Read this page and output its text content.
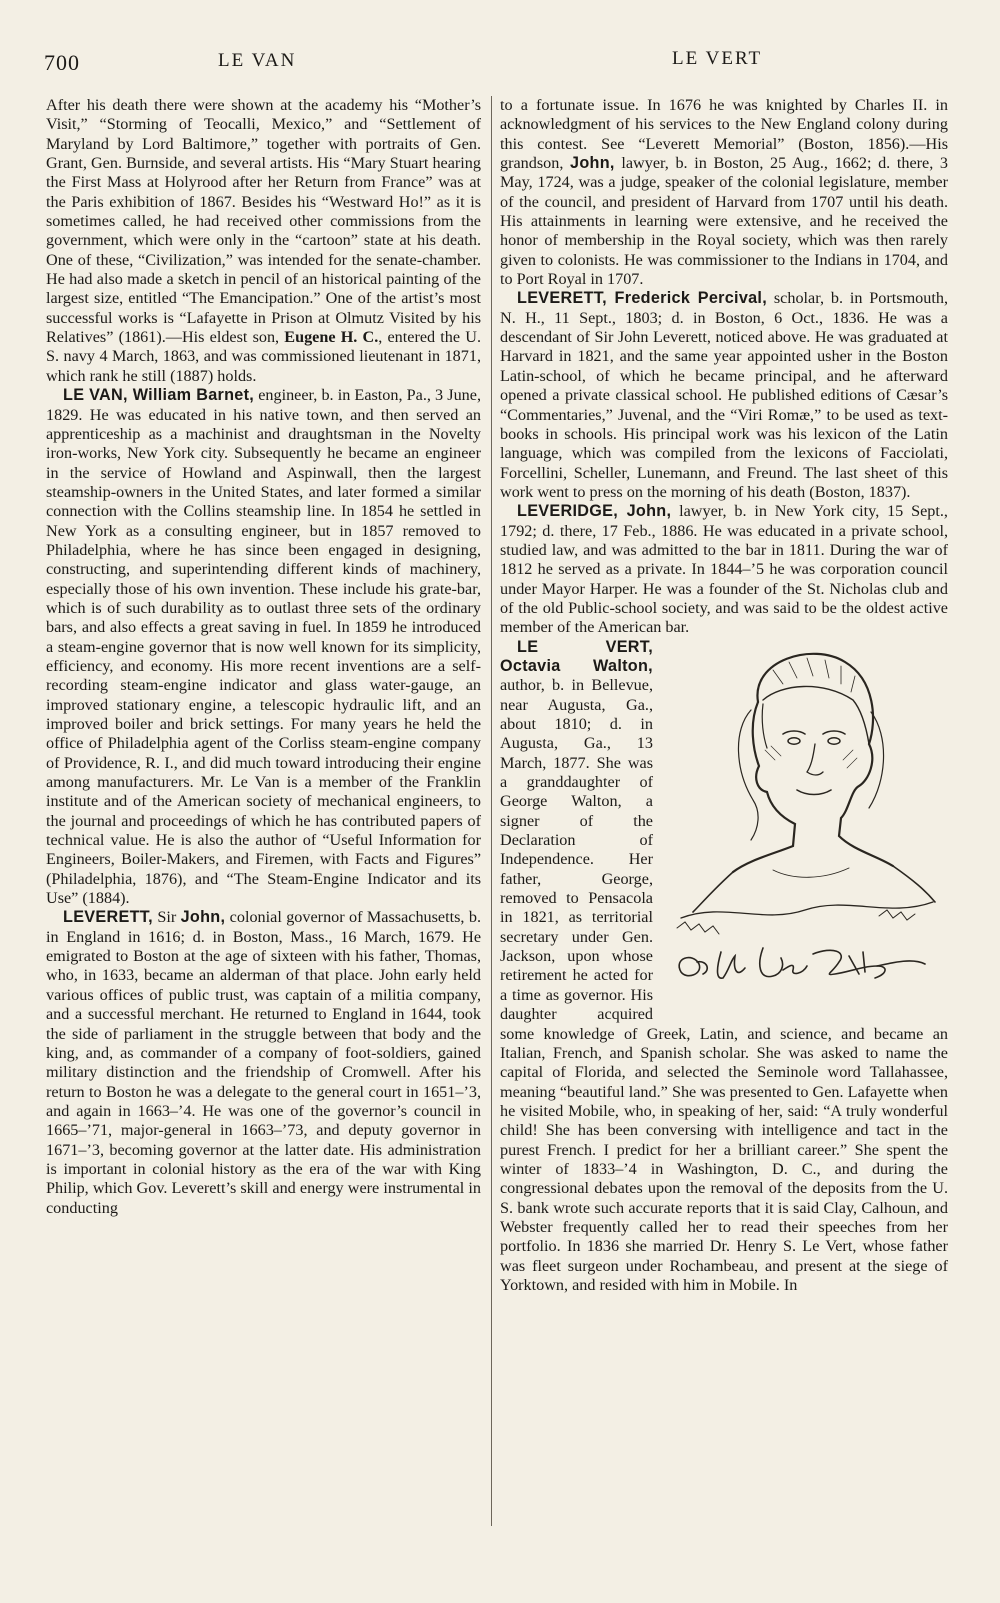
700	LE VAN	LE VERT

After his death there were shown at the academy his “Mother’s Visit,” “Storming of Teocalli, Mexico,” and “Settlement of Maryland by Lord Baltimore,” together with portraits of Gen. Grant, Gen. Burnside, and several artists. His “Mary Stuart hearing the First Mass at Holyrood after her Return from France” was at the Paris exhibition of 1867. Besides his “Westward Ho!” as it is sometimes called, he had received other commissions from the government, which were only in the “cartoon” state at his death. One of these, “Civilization,” was intended for the senate-chamber. He had also made a sketch in pencil of an historical painting of the largest size, entitled “The Emancipation.” One of the artist’s most successful works is “Lafayette in Prison at Olmutz Visited by his Relatives” (1861).—His eldest son, Eugene H. C., entered the U. S. navy 4 March, 1863, and was commissioned lieutenant in 1871, which rank he still (1887) holds.

LE VAN, William Barnet, engineer, b. in Easton, Pa., 3 June, 1829. He was educated in his native town, and then served an apprenticeship as a machinist and draughtsman in the Novelty iron-works, New York city. Subsequently he became an engineer in the service of Howland and Aspinwall, then the largest steamship-owners in the United States, and later formed a similar connection with the Collins steamship line. In 1854 he settled in New York as a consulting engineer, but in 1857 removed to Philadelphia, where he has since been engaged in designing, constructing, and superintending different kinds of machinery, especially those of his own invention. These include his grate-bar, which is of such durability as to outlast three sets of the ordinary bars, and also effects a great saving in fuel. In 1859 he introduced a steam-engine governor that is now well known for its simplicity, efficiency, and economy. His more recent inventions are a self-recording steam-engine indicator and glass water-gauge, an improved stationary engine, a telescopic hydraulic lift, and an improved boiler and brick settings. For many years he held the office of Philadelphia agent of the Corliss steam-engine company of Providence, R. I., and did much toward introducing their engine among manufacturers. Mr. Le Van is a member of the Franklin institute and of the American society of mechanical engineers, to the journal and proceedings of which he has contributed papers of technical value. He is also the author of “Useful Information for Engineers, Boiler-Makers, and Firemen, with Facts and Figures” (Philadelphia, 1876), and “The Steam-Engine Indicator and its Use” (1884).

LEVERETT, Sir John, colonial governor of Massachusetts, b. in England in 1616; d. in Boston, Mass., 16 March, 1679. He emigrated to Boston at the age of sixteen with his father, Thomas, who, in 1633, became an alderman of that place. John early held various offices of public trust, was captain of a militia company, and a successful merchant. He returned to England in 1644, took the side of parliament in the struggle between that body and the king, and, as commander of a company of foot-soldiers, gained military distinction and the friendship of Cromwell. After his return to Boston he was a delegate to the general court in 1651–’3, and again in 1663–’4. He was one of the governor’s council in 1665–’71, major-general in 1663–’73, and deputy governor in 1671–’3, becoming governor at the latter date. His administration is important in colonial history as the era of the war with King Philip, which Gov. Leverett’s skill and energy were instrumental in conducting

to a fortunate issue. In 1676 he was knighted by Charles II. in acknowledgment of his services to the New England colony during this contest. See “Leverett Memorial” (Boston, 1856).—His grandson, John, lawyer, b. in Boston, 25 Aug., 1662; d. there, 3 May, 1724, was a judge, speaker of the colonial legislature, member of the council, and president of Harvard from 1707 until his death. His attainments in learning were extensive, and he received the honor of membership in the Royal society, which was then rarely given to colonists. He was commissioner to the Indians in 1704, and to Port Royal in 1707.

LEVERETT, Frederick Percival, scholar, b. in Portsmouth, N. H., 11 Sept., 1803; d. in Boston, 6 Oct., 1836. He was a descendant of Sir John Leverett, noticed above. He was graduated at Harvard in 1821, and the same year appointed usher in the Boston Latin-school, of which he became principal, and he afterward opened a private classical school. He published editions of Cæsar’s “Commentaries,” Juvenal, and the “Viri Romæ,” to be used as text-books in schools. His principal work was his lexicon of the Latin language, which was compiled from the lexicons of Facciolati, Forcellini, Scheller, Lunemann, and Freund. The last sheet of this work went to press on the morning of his death (Boston, 1837).

LEVERIDGE, John, lawyer, b. in New York city, 15 Sept., 1792; d. there, 17 Feb., 1886. He was educated in a private school, studied law, and was admitted to the bar in 1811. During the war of 1812 he served as a private. In 1844–’5 he was corporation council under Mayor Harper. He was a founder of the St. Nicholas club and of the old Public-school society, and was said to be the oldest active member of the American bar.

LE VERT, Octavia Walton, author, b. in Bellevue, near Augusta, Ga., about 1810; d. in Augusta, Ga., 13 March, 1877. She was a granddaughter of George Walton, a signer of the Declaration of Independence. Her father, George, removed to Pensacola in 1821, as territorial secretary under Gen. Jackson, upon whose retirement he acted for a time as governor. His daughter acquired some knowledge of Greek, Latin, and science, and became an Italian, French, and Spanish scholar. She was asked to name the capital of Florida, and selected the Seminole word Tallahassee, meaning “beautiful land.” She was presented to Gen. Lafayette when he visited Mobile, who, in speaking of her, said: “A truly wonderful child! She has been conversing with intelligence and tact in the purest French. I predict for her a brilliant career.” She spent the winter of 1833–’4 in Washington, D. C., and during the congressional debates upon the removal of the deposits from the U. S. bank wrote such accurate reports that it is said Clay, Calhoun, and Webster frequently called her to read their speeches from her portfolio. In 1836 she married Dr. Henry S. Le Vert, whose father was fleet surgeon under Rochambeau, and present at the siege of Yorktown, and resided with him in Mobile. In
